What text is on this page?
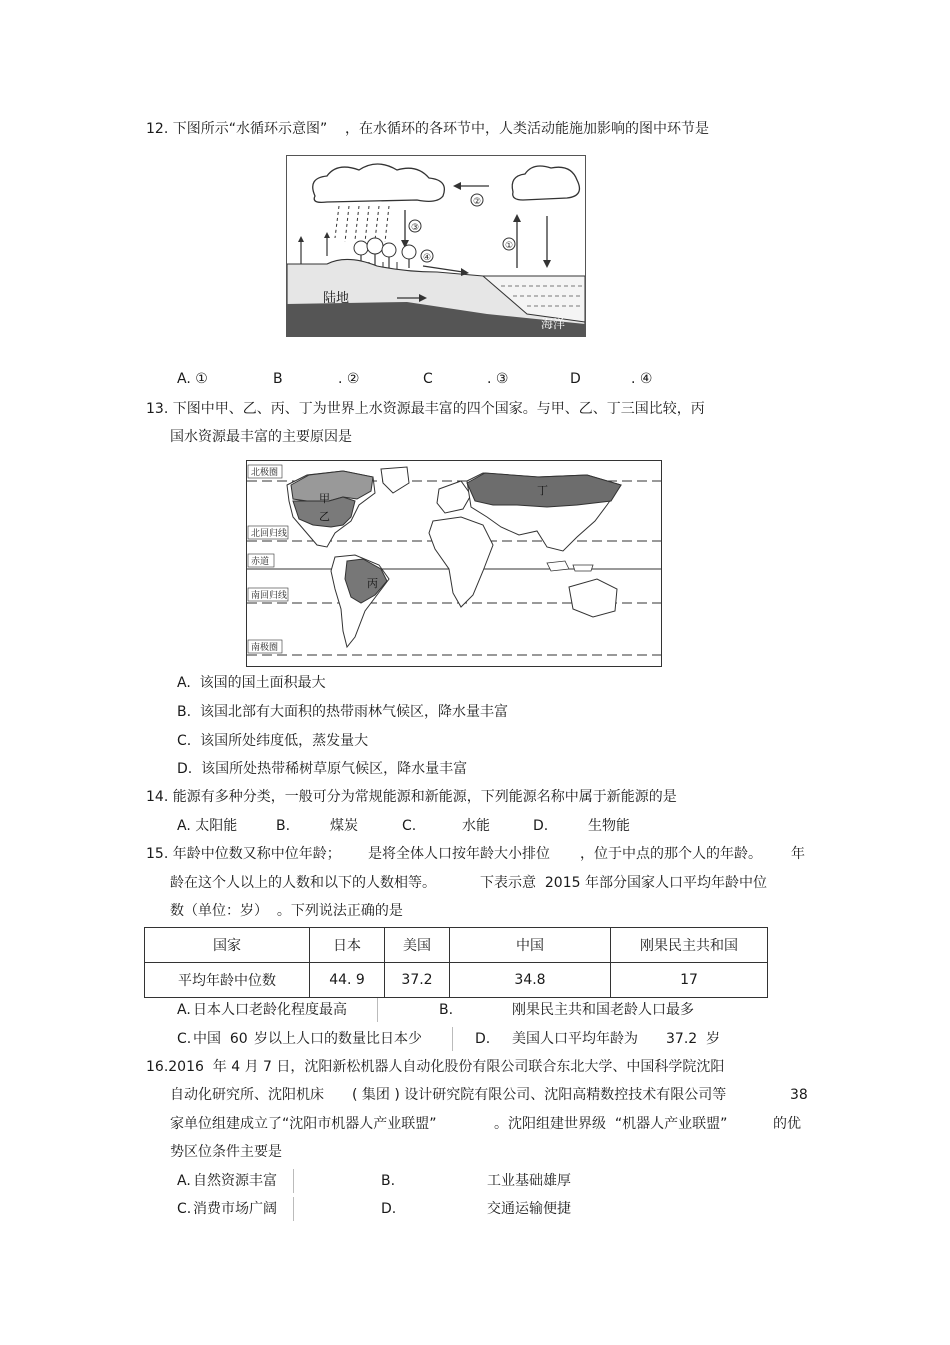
12. 下图所示“水循环示意图”    ，在水循环的各环节中，人类活动能施加影响的图中环节是
②
①
③
④
陆地
海洋
A. ①	B	. ②	C	. ③	D	. ④
13. 下图中甲、乙、丙、丁为世界上水资源最丰富的四个国家。与甲、乙、丁三国比较，丙
国水资源最丰富的主要原因是
北极圈
北回归线
赤道
南回归线
南极圈
甲
乙
丙
丁
A.  该国的国土面积最大
B.  该国北部有大面积的热带雨林气候区，降水量丰富
C.  该国所处纬度低，蒸发量大
D.  该国所处热带稀树草原气候区，降水量丰富
14. 能源有多种分类，一般可分为常规能源和新能源，下列能源名称中属于新能源的是
A. 太阳能	B.	煤炭	C.	水能	D.	生物能
15. 年龄中位数又称中位年龄； 是将全体人口按年龄大小排位 ，位于中点的那个人的年龄。 年
龄在这个人以上的人数和以下的人数相等。	下表示意  2015 年部分国家人口平均年龄中位
数（单位：岁）  。下列说法正确的是
国家	日本	美国	中国	刚果民主共和国
平均年龄中位数	44. 9	37.2	34.8	17
A. 日本人口老龄化程度最高	B.	刚果民主共和国老龄人口最多
C. 中国  60 岁以上人口的数量比日本少	D. 美国人口平均年龄为 37.2  岁
16.2016  年 4 月 7 日，沈阳新松机器人自动化股份有限公司联合东北大学、中国科学院沈阳
自动化研究所、沈阳机床 ( 集团 ) 设计研究院有限公司、沈阳高精数控技术有限公司等	38
家单位组建成立了“沈阳市机器人产业联盟”	。沈阳组建世界级  “机器人产业联盟”	的优
势区位条件主要是
A. 自然资源丰富	B.	工业基础雄厚
C. 消费市场广阔	D.	交通运输便捷
